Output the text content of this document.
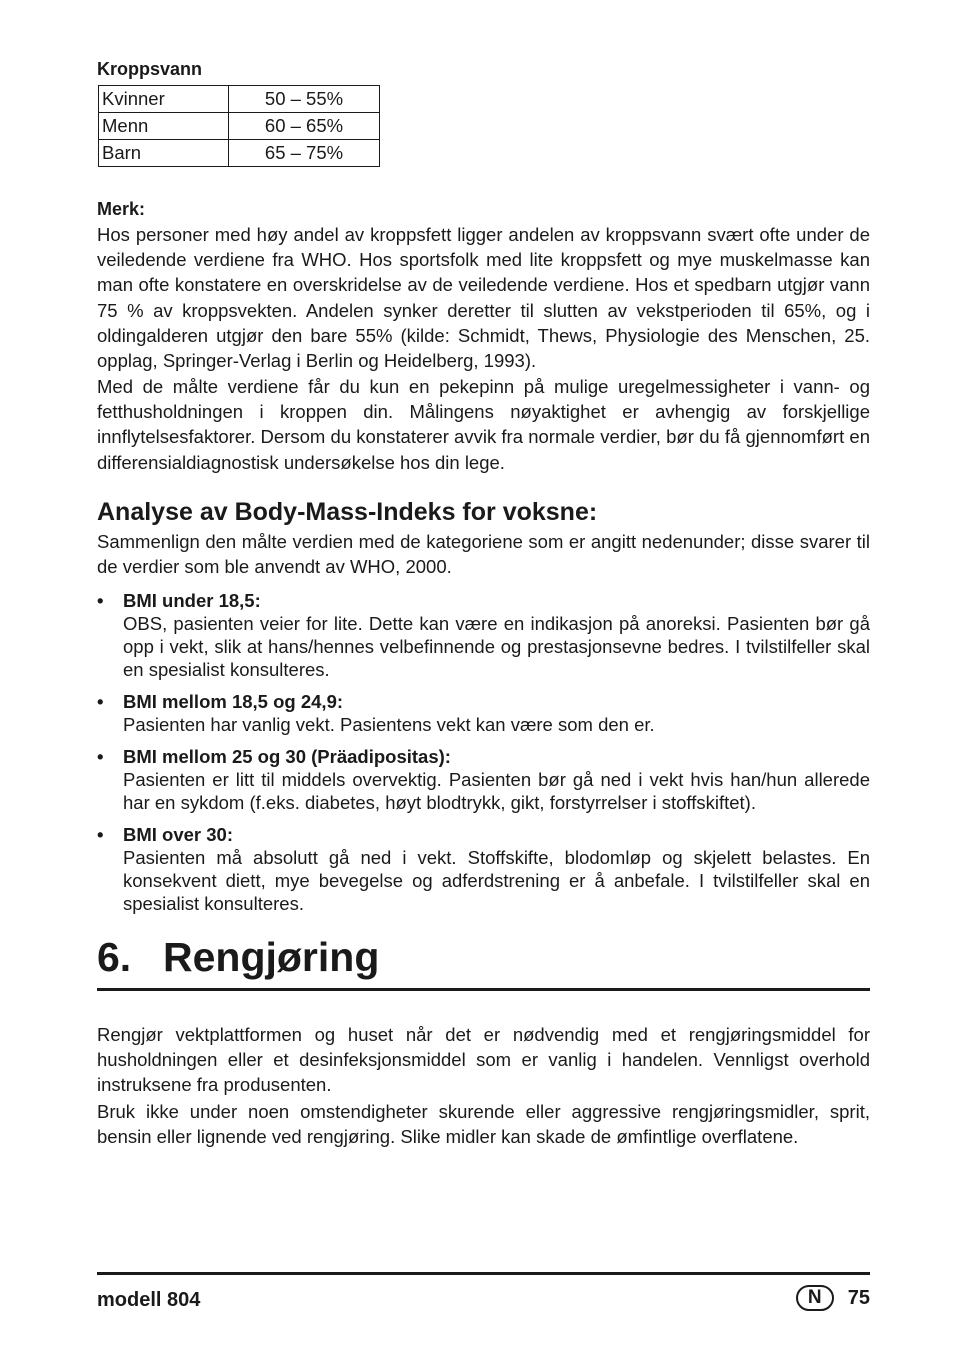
Kroppsvann
Kvinner	50 – 55%
Menn	60 – 65%
Barn	65 – 75%
Merk:

Hos personer med høy andel av kroppsfett ligger andelen av kroppsvann svært ofte under de veiledende verdiene fra WHO. Hos sportsfolk med lite kroppsfett og mye muskelmasse kan man ofte konstatere en overskridelse av de veiledende verdiene. Hos et spedbarn utgjør vann 75 % av kroppsvekten. Andelen synker deretter til slutten av vekstperioden til 65%, og i oldingalderen utgjør den bare 55% (kilde: Schmidt, Thews, Physiologie des Menschen, 25. opplag, Springer-Verlag i Berlin og Heidelberg, 1993).

Med de målte verdiene får du kun en pekepinn på mulige uregelmessigheter i vann- og fetthusholdningen i kroppen din. Målingens nøyaktighet er avhengig av forskjellige innflytelsesfaktorer. Dersom du konstaterer avvik fra normale verdier, bør du få gjennomført en differensialdiagnostisk undersøkelse hos din lege.

Analyse av Body-Mass-Indeks for voksne:

Sammenlign den målte verdien med de kategoriene som er angitt nedenunder; disse svarer til de verdier som ble anvendt av WHO, 2000.

• BMI under 18,5:
OBS, pasienten veier for lite. Dette kan være en indikasjon på anoreksi. Pasienten bør gå opp i vekt, slik at hans/hennes velbefinnende og prestasjonsevne bedres. I tvilstilfeller skal en spesialist konsulteres.
• BMI mellom 18,5 og 24,9:
Pasienten har vanlig vekt. Pasientens vekt kan være som den er.
• BMI mellom 25 og 30 (Präadipositas):
Pasienten er litt til middels overvektig. Pasienten bør gå ned i vekt hvis han/hun allerede har en sykdom (f.eks. diabetes, høyt blodtrykk, gikt, forstyrrelser i stoffskiftet).
• BMI over 30:
Pasienten må absolutt gå ned i vekt. Stoffskifte, blodomløp og skjelett belastes. En konsekvent diett, mye bevegelse og adferdstrening er å anbefale. I tvilstilfeller skal en spesialist konsulteres.
6. Rengjøring

Rengjør vektplattformen og huset når det er nødvendig med et rengjøringsmiddel for husholdningen eller et desinfeksjonsmiddel som er vanlig i handelen. Vennligst overhold instruksene fra produsenten.

Bruk ikke under noen omstendigheter skurende eller aggressive rengjøringsmidler, sprit, bensin eller lignende ved rengjøring. Slike midler kan skade de ømfintlige overflatene.

modell 804	N	75
